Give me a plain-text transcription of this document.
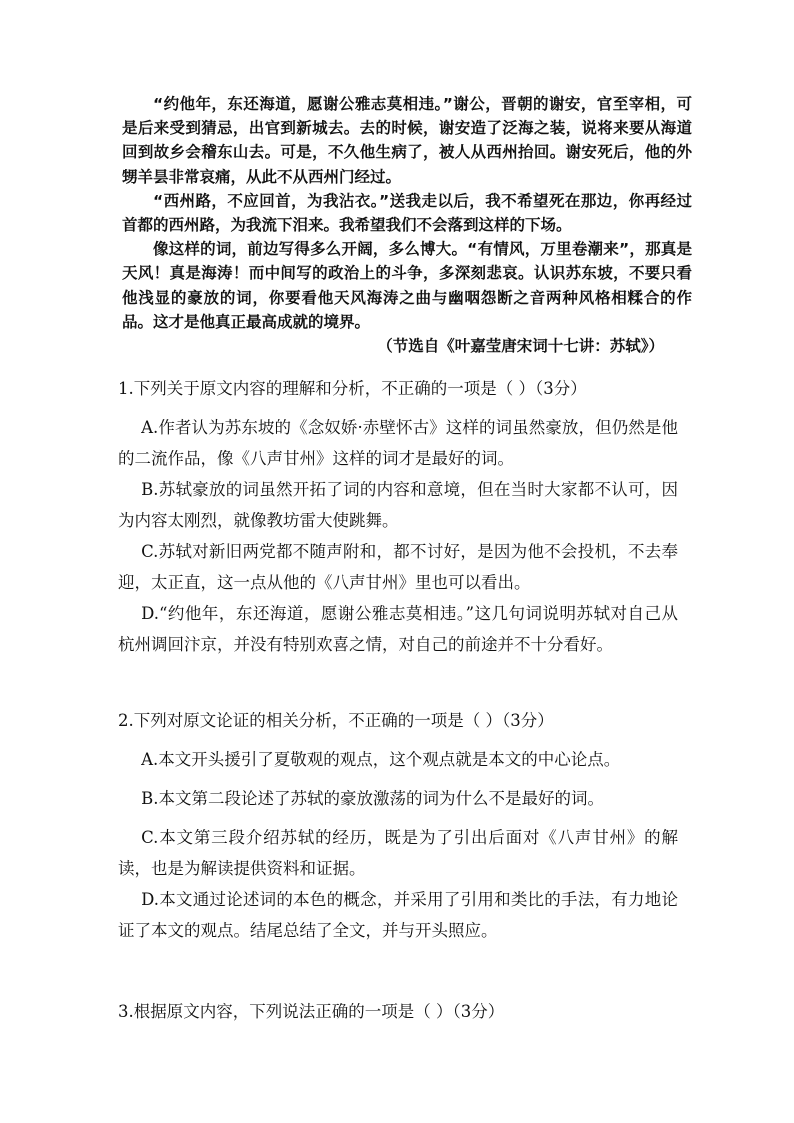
“约他年，东还海道，愿谢公雅志莫相违。”谢公，晋朝的谢安，官至宰相，可是后来受到猜忌，出官到新城去。去的时候，谢安造了泛海之装，说将来要从海道回到故乡会稽东山去。可是，不久他生病了，被人从西州抬回。谢安死后，他的外甥羊昙非常哀痛，从此不从西州门经过。

“西州路，不应回首，为我沾衣。”送我走以后，我不希望死在那边，你再经过首都的西州路，为我流下泪来。我希望我们不会落到这样的下场。

像这样的词，前边写得多么开阔，多么博大。“有情风，万里卷潮来”，那真是天风！真是海涛！而中间写的政治上的斗争，多深刻悲哀。认识苏东坡，不要只看他浅显的豪放的词，你要看他天风海涛之曲与幽咽怨断之音两种风格相糅合的作品。这才是他真正最高成就的境界。

（节选自《叶嘉莹唐宋词十七讲：苏轼》）

1.下列关于原文内容的理解和分析，不正确的一项是（ ）（3分）

A.作者认为苏东坡的《念奴娇·赤壁怀古》这样的词虽然豪放，但仍然是他的二流作品，像《八声甘州》这样的词才是最好的词。

B.苏轼豪放的词虽然开拓了词的内容和意境，但在当时大家都不认可，因为内容太刚烈，就像教坊雷大使跳舞。

C.苏轼对新旧两党都不随声附和，都不讨好，是因为他不会投机，不去奉迎，太正直，这一点从他的《八声甘州》里也可以看出。

D.“约他年，东还海道，愿谢公雅志莫相违。”这几句词说明苏轼对自己从杭州调回汴京，并没有特别欢喜之情，对自己的前途并不十分看好。

2.下列对原文论证的相关分析，不正确的一项是（ ）（3分）

A.本文开头援引了夏敬观的观点，这个观点就是本文的中心论点。

B.本文第二段论述了苏轼的豪放激荡的词为什么不是最好的词。

C.本文第三段介绍苏轼的经历，既是为了引出后面对《八声甘州》的解读，也是为解读提供资料和证据。

D.本文通过论述词的本色的概念，并采用了引用和类比的手法，有力地论证了本文的观点。结尾总结了全文，并与开头照应。

3.根据原文内容，下列说法正确的一项是（ ）（3分）
